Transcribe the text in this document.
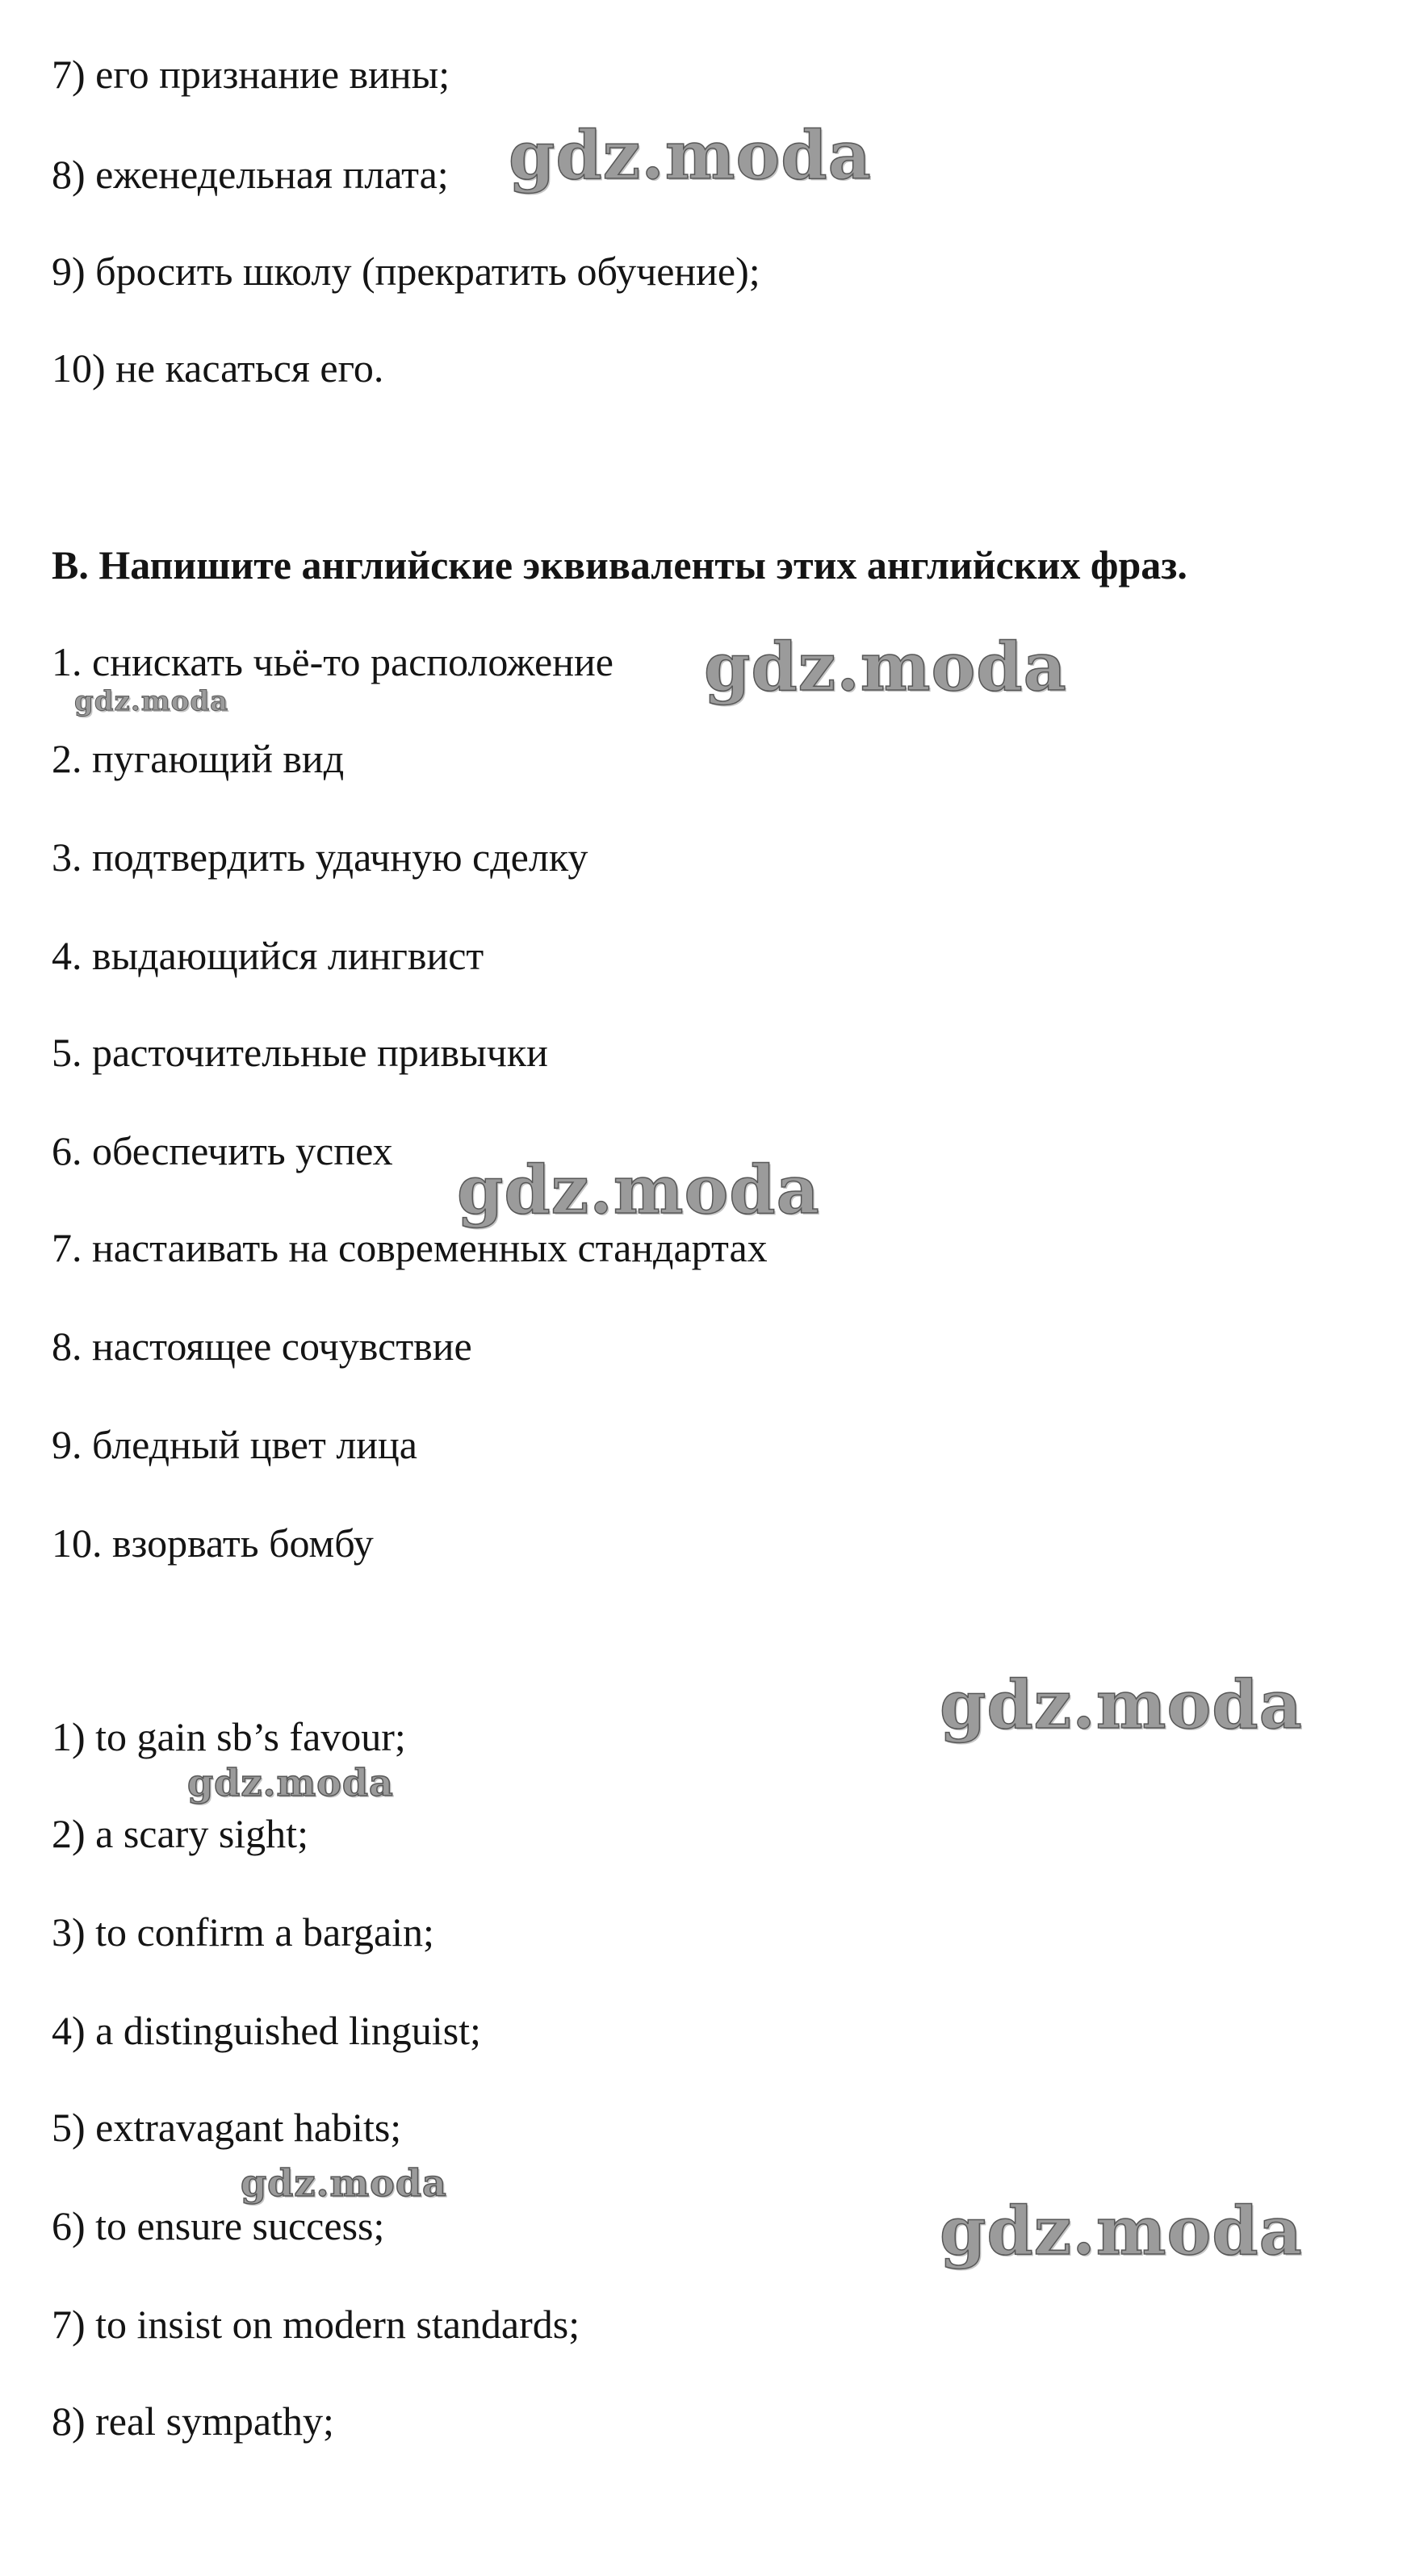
7) его признание вины;
8) еженедельная плата;
9) бросить школу (прекратить обучение);
10) не касаться его.
B. Напишите английские эквиваленты этих английских фраз.
1. снискать чьё-то расположение
2. пугающий вид
3. подтвердить удачную сделку
4. выдающийся лингвист
5. расточительные привычки
6. обеспечить успех
7. настаивать на современных стандартах
8. настоящее сочувствие
9. бледный цвет лица
10. взорвать бомбу
1) to gain sb’s favour;
2) a scary sight;
3) to confirm a bargain;
4) a distinguished linguist;
5) extravagant habits;
6) to ensure success;
7) to insist on modern standards;
8) real sympathy;
gdz.moda
gdz.moda
gdz.moda
gdz.moda
gdz.moda
gdz.moda
gdz.moda
gdz.moda
